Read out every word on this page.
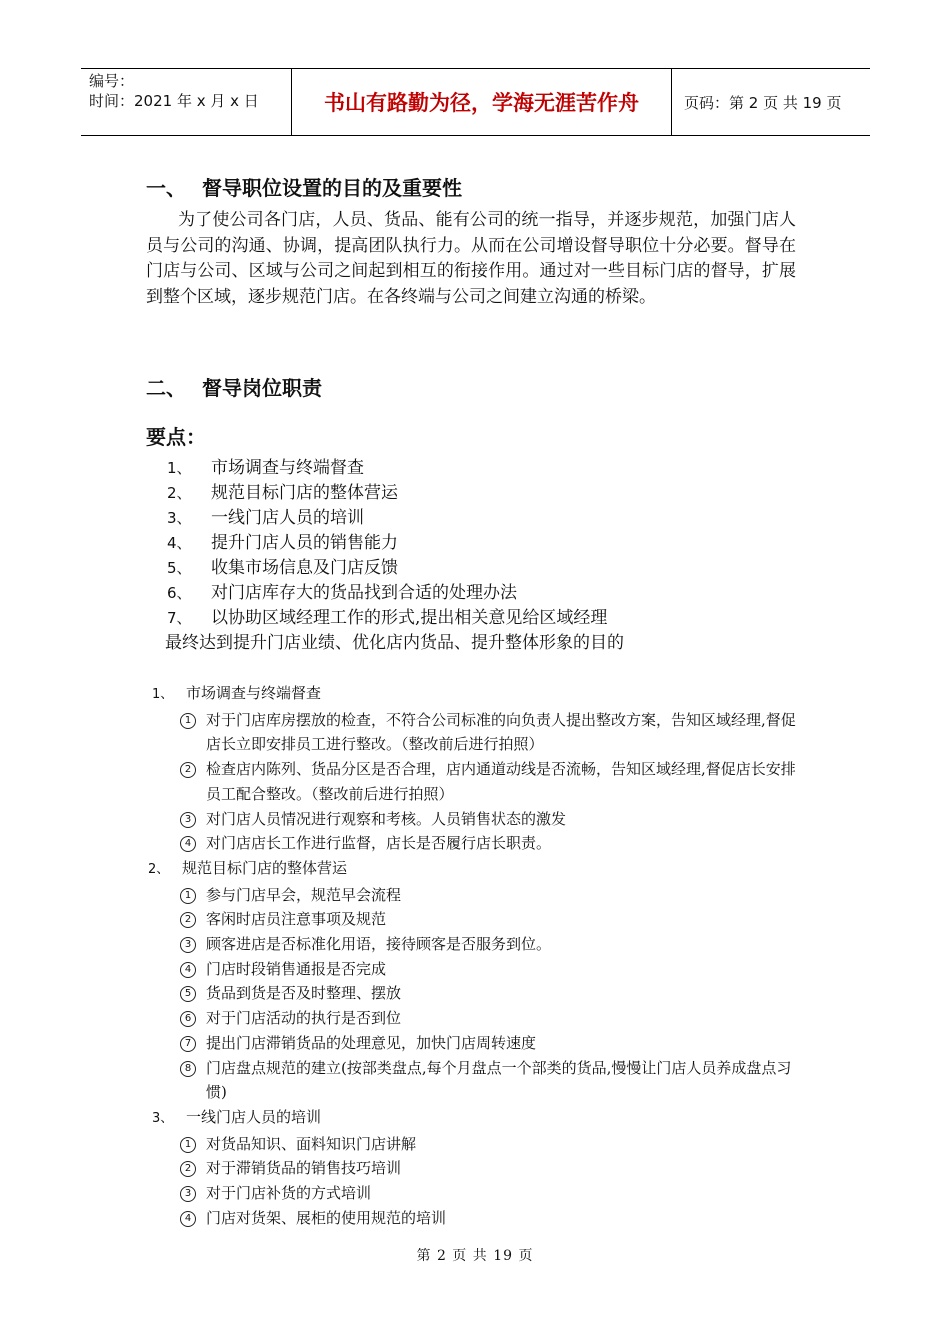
编号：
时间：2021 年 x 月 x 日	书山有路勤为径，学海无涯苦作舟	页码：第 2 页 共 19 页
一、 督导职位设置的目的及重要性
为了使公司各门店，人员、货品、能有公司的统一指导，并逐步规范，加强门店人员与公司的沟通、协调，提高团队执行力。从而在公司增设督导职位十分必要。督导在门店与公司、区域与公司之间起到相互的衔接作用。通过对一些目标门店的督导，扩展到整个区域，逐步规范门店。在各终端与公司之间建立沟通的桥梁。
二、 督导岗位职责
要点：
1、 市场调查与终端督查
2、 规范目标门店的整体营运
3、 一线门店人员的培训
4、 提升门店人员的销售能力
5、 收集市场信息及门店反馈
6、 对门店库存大的货品找到合适的处理办法
7、 以协助区域经理工作的形式,提出相关意见给区域经理
最终达到提升门店业绩、优化店内货品、提升整体形象的目的
1、 市场调查与终端督查
1 对于门店库房摆放的检查，不符合公司标准的向负责人提出整改方案，告知区域经理,督促店长立即安排员工进行整改。（整改前后进行拍照）
2 检查店内陈列、货品分区是否合理，店内通道动线是否流畅，告知区域经理,督促店长安排员工配合整改。（整改前后进行拍照）
3 对门店人员情况进行观察和考核。人员销售状态的激发
4 对门店店长工作进行监督，店长是否履行店长职责。
2、 规范目标门店的整体营运
1 参与门店早会，规范早会流程
2 客闲时店员注意事项及规范
3 顾客进店是否标准化用语，接待顾客是否服务到位。
4 门店时段销售通报是否完成
5 货品到货是否及时整理、摆放
6 对于门店活动的执行是否到位
7 提出门店滞销货品的处理意见，加快门店周转速度
8 门店盘点规范的建立(按部类盘点,每个月盘点一个部类的货品,慢慢让门店人员养成盘点习惯)
3、 一线门店人员的培训
1 对货品知识、面料知识门店讲解
2 对于滞销货品的销售技巧培训
3 对于门店补货的方式培训
4 门店对货架、展柜的使用规范的培训
第 2 页 共 19 页
